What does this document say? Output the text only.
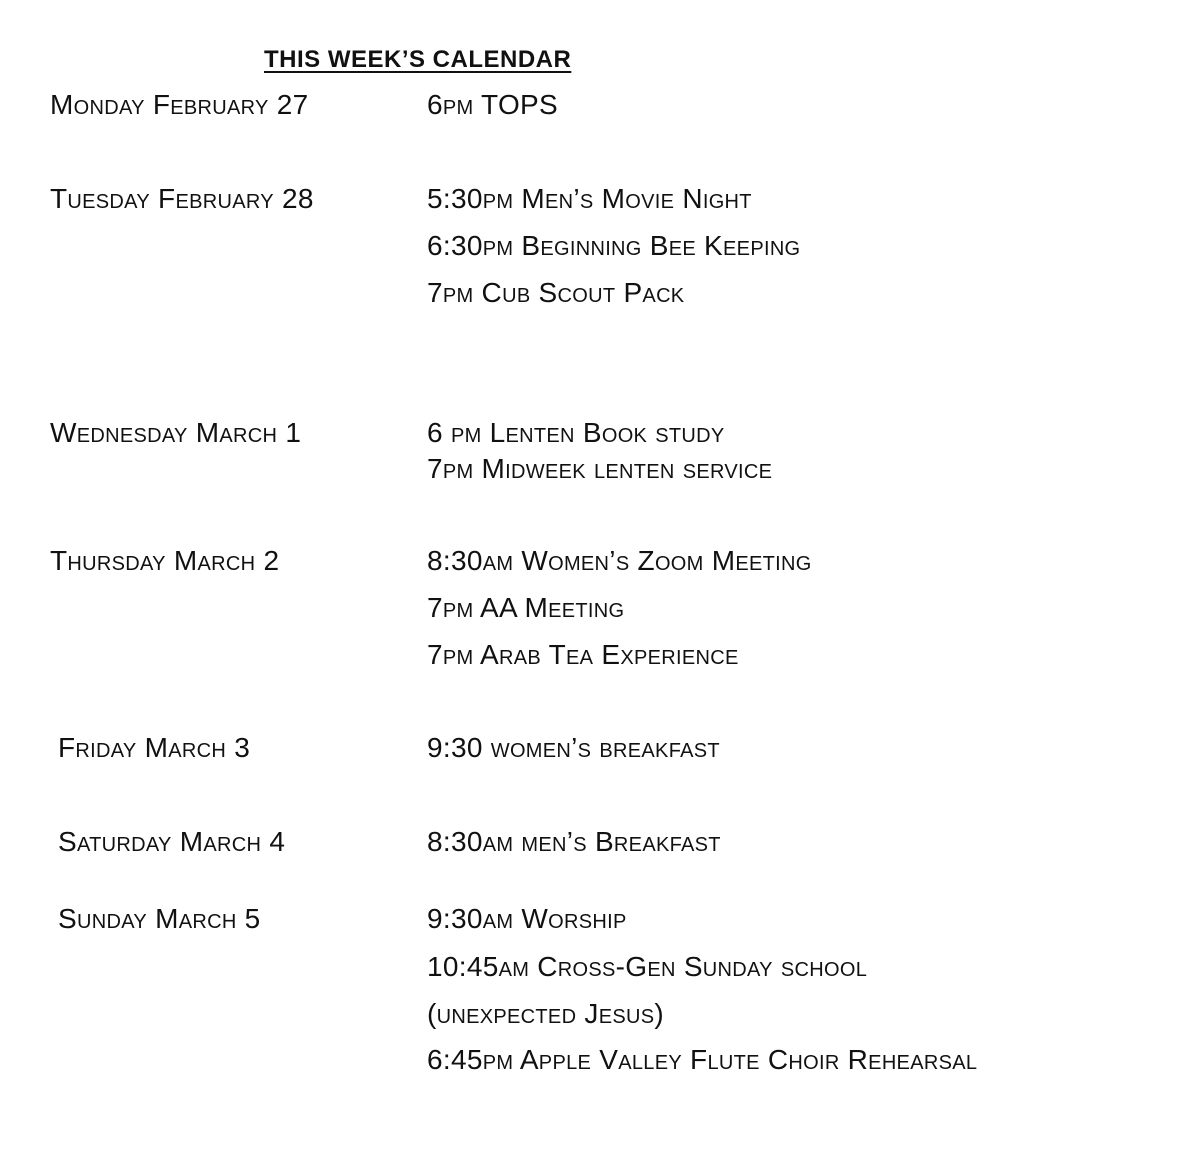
THIS WEEK’S CALENDAR
Monday February 27	6pm TOPS
Tuesday February 28	5:30pm Men’s Movie Night
6:30pm Beginning Bee Keeping
7pm Cub Scout Pack
Wednesday March 1	6 pm Lenten Book study
7pm Midweek lenten service
Thursday March 2	8:30am Women’s Zoom Meeting
7pm AA Meeting
7pm Arab Tea Experience
Friday March 3	9:30 women’s breakfast
Saturday March 4	8:30am men’s Breakfast
Sunday March 5	9:30am Worship
10:45am Cross-Gen Sunday school
(unexpected Jesus)
6:45pm Apple Valley Flute Choir Rehearsal
